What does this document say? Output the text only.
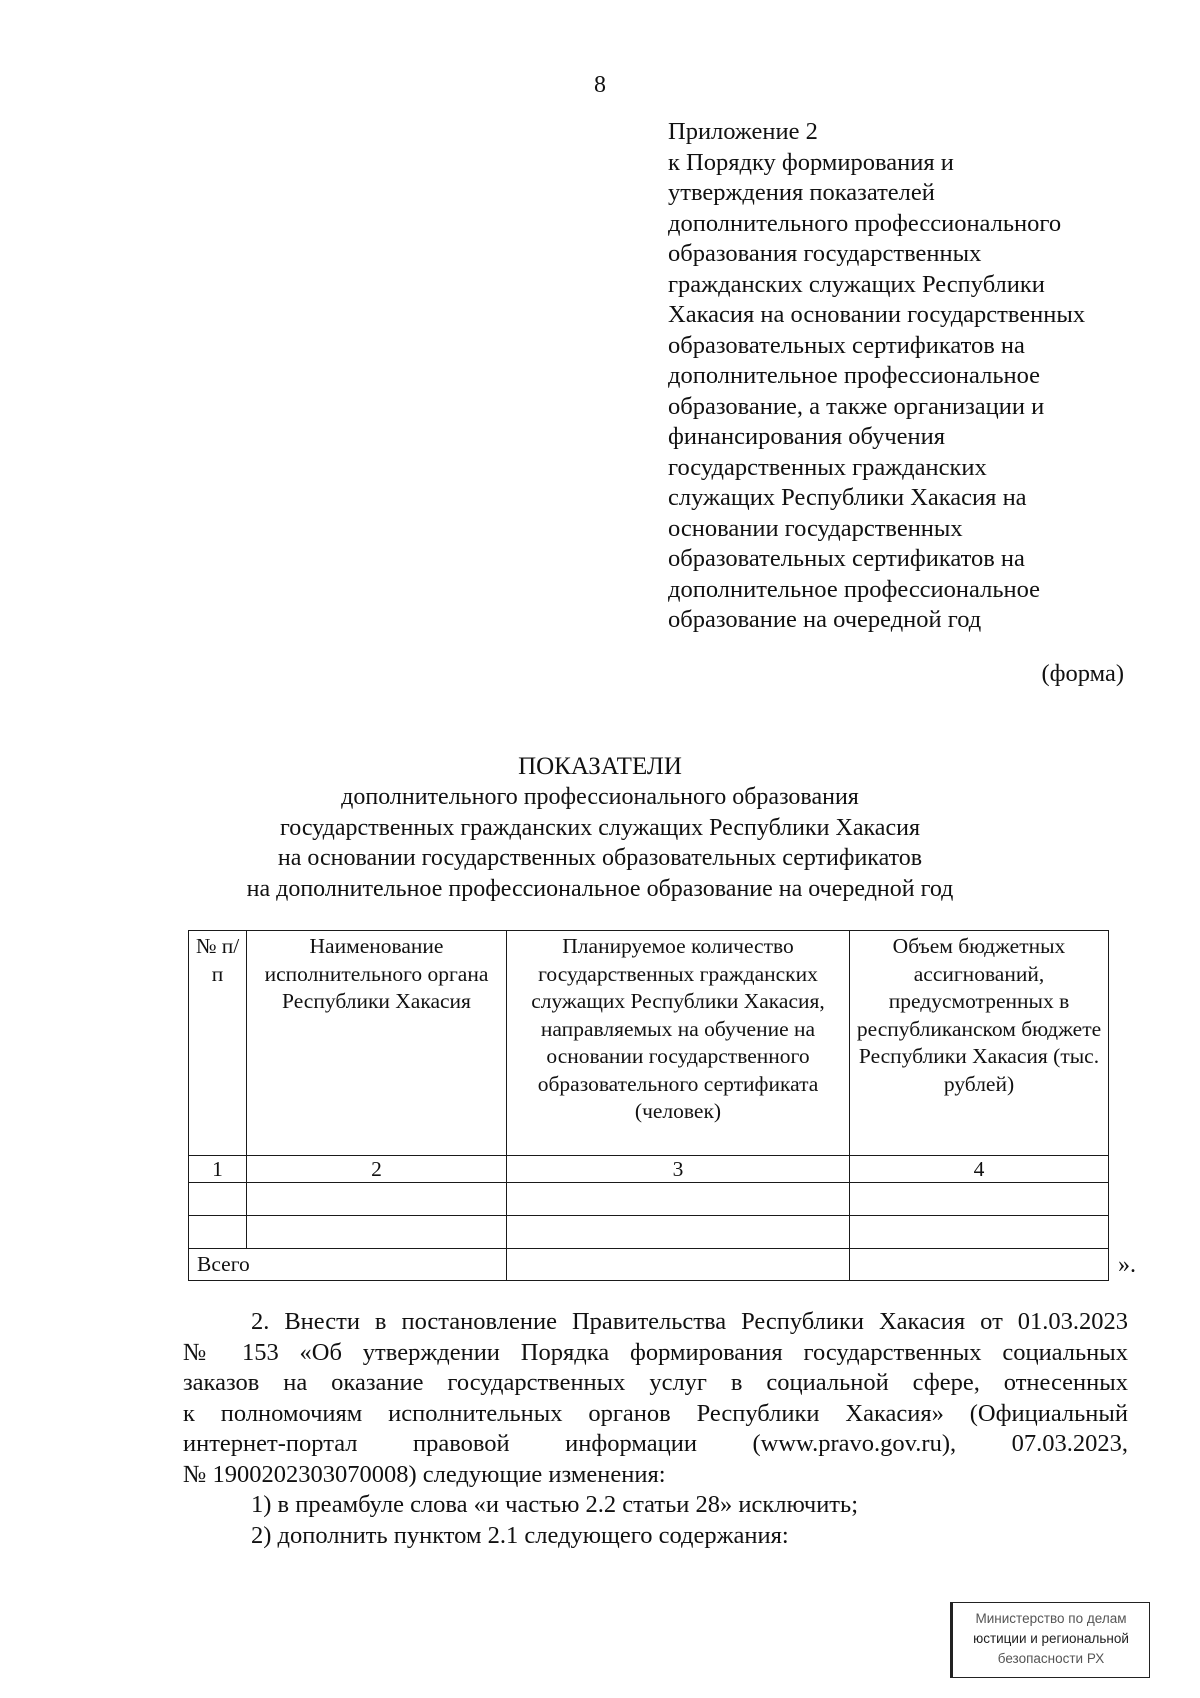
8
Приложение 2
к Порядку формирования и
утверждения показателей
дополнительного профессионального
образования государственных
гражданских служащих Республики
Хакасия на основании государственных
образовательных сертификатов на
дополнительное профессиональное
образование, а также организации и
финансирования обучения
государственных гражданских
служащих Республики Хакасия на
основании государственных
образовательных сертификатов на
дополнительное профессиональное
образование на очередной год
(форма)
ПОКАЗАТЕЛИ
дополнительного профессионального образования
государственных гражданских служащих Республики Хакасия
на основании государственных образовательных сертификатов
на дополнительное профессиональное образование на очередной год
№ п/п	Наименование исполнительного органа Республики Хакасия	Планируемое количество государственных гражданских служащих Республики Хакасия, направляемых на обучение на основании государственного образовательного сертификата (человек)	Объем бюджетных ассигнований, предусмотренных в республиканском бюджете Республики Хакасия (тыс. рублей)
1	2	3	4

Всего				».

2. Внести в постановление Правительства Республики Хакасия от 01.03.2023

№ 153 «Об утверждении Порядка формирования государственных социальных

заказов на оказание государственных услуг в социальной сфере, отнесенных

к полномочиям исполнительных органов Республики Хакасия» (Официальный

интернет-портал правовой информации (www.pravo.gov.ru), 07.03.2023,

№ 1900202303070008) следующие изменения:

1) в преамбуле слова «и частью 2.2 статьи 28» исключить;

2) дополнить пунктом 2.1 следующего содержания:

Министерство по делам
юстиции и региональной
безопасности РХ
